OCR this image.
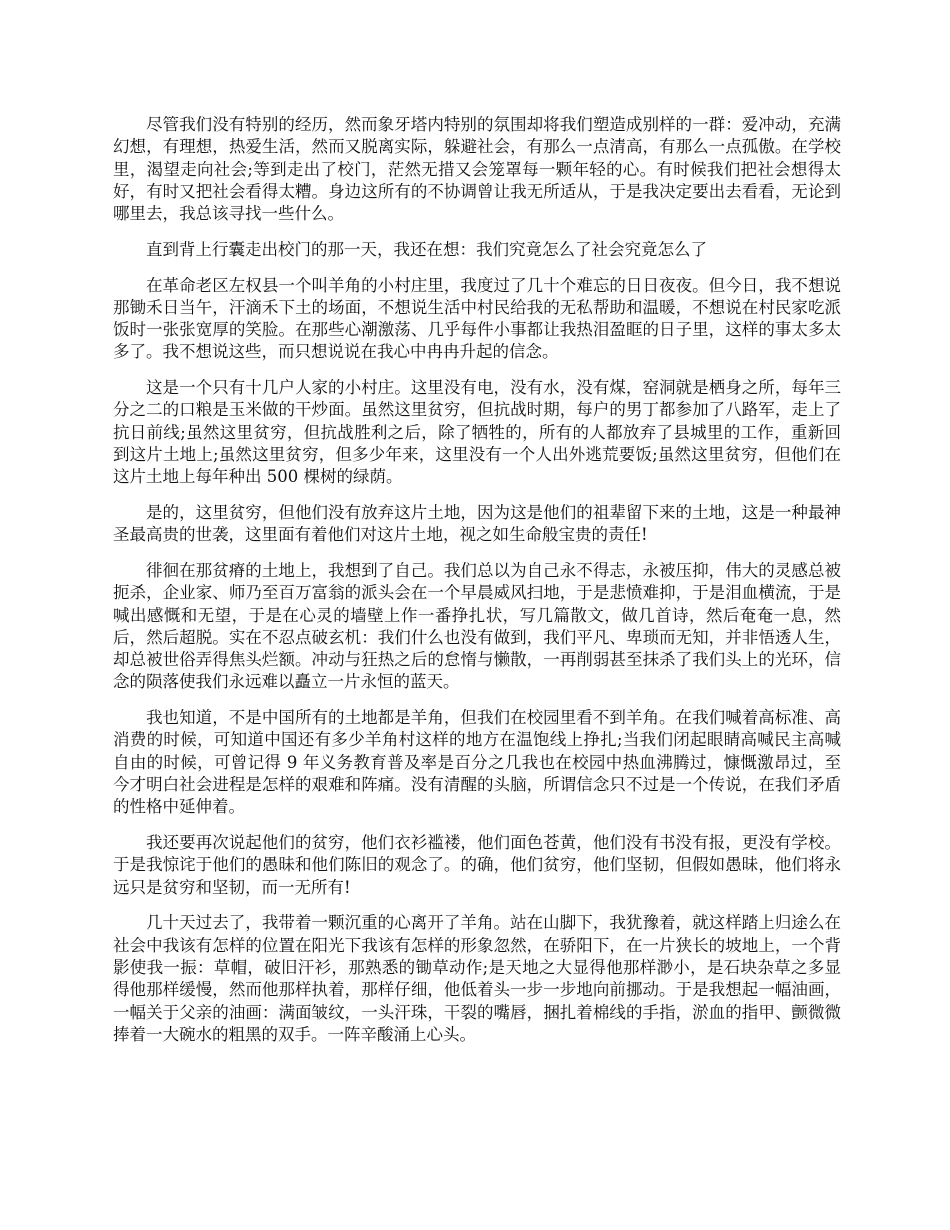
尽管我们没有特别的经历，然而象牙塔内特别的氛围却将我们塑造成别样的一群：爱冲动，充满幻想，有理想，热爱生活，然而又脱离实际，躲避社会，有那么一点清高，有那么一点孤傲。在学校里，渴望走向社会;等到走出了校门，茫然无措又会笼罩每一颗年轻的心。有时候我们把社会想得太好，有时又把社会看得太糟。身边这所有的不协调曾让我无所适从，于是我决定要出去看看，无论到哪里去，我总该寻找一些什么。

直到背上行囊走出校门的那一天，我还在想：我们究竟怎么了社会究竟怎么了

在革命老区左权县一个叫羊角的小村庄里，我度过了几十个难忘的日日夜夜。但今日，我不想说那锄禾日当午，汗滴禾下土的场面，不想说生活中村民给我的无私帮助和温暖，不想说在村民家吃派饭时一张张宽厚的笑脸。在那些心潮激荡、几乎每件小事都让我热泪盈眶的日子里，这样的事太多太多了。我不想说这些，而只想说说在我心中冉冉升起的信念。

这是一个只有十几户人家的小村庄。这里没有电，没有水，没有煤，窑洞就是栖身之所，每年三分之二的口粮是玉米做的干炒面。虽然这里贫穷，但抗战时期，每户的男丁都参加了八路军，走上了抗日前线;虽然这里贫穷，但抗战胜利之后，除了牺牲的，所有的人都放弃了县城里的工作，重新回到这片土地上;虽然这里贫穷，但多少年来，这里没有一个人出外逃荒要饭;虽然这里贫穷，但他们在这片土地上每年种出 500 棵树的绿荫。

是的，这里贫穷，但他们没有放弃这片土地，因为这是他们的祖辈留下来的土地，这是一种最神圣最高贵的世袭，这里面有着他们对这片土地，视之如生命般宝贵的责任!

徘徊在那贫瘠的土地上，我想到了自己。我们总以为自己永不得志，永被压抑，伟大的灵感总被扼杀，企业家、师乃至百万富翁的派头会在一个早晨威风扫地，于是悲愤难抑，于是泪血横流，于是喊出感慨和无望，于是在心灵的墙壁上作一番挣扎状，写几篇散文，做几首诗，然后奄奄一息，然后，然后超脱。实在不忍点破玄机：我们什么也没有做到，我们平凡、卑琐而无知，并非悟透人生，却总被世俗弄得焦头烂额。冲动与狂热之后的怠惰与懒散，一再削弱甚至抹杀了我们头上的光环，信念的陨落使我们永远难以矗立一片永恒的蓝天。

我也知道，不是中国所有的土地都是羊角，但我们在校园里看不到羊角。在我们喊着高标准、高消费的时候，可知道中国还有多少羊角村这样的地方在温饱线上挣扎;当我们闭起眼睛高喊民主高喊自由的时候，可曾记得 9 年义务教育普及率是百分之几我也在校园中热血沸腾过，慷慨激昂过，至今才明白社会进程是怎样的艰难和阵痛。没有清醒的头脑，所谓信念只不过是一个传说，在我们矛盾的性格中延伸着。

我还要再次说起他们的贫穷，他们衣衫褴褛，他们面色苍黄，他们没有书没有报，更没有学校。于是我惊诧于他们的愚昧和他们陈旧的观念了。的确，他们贫穷，他们坚韧，但假如愚昧，他们将永远只是贫穷和坚韧，而一无所有!

几十天过去了，我带着一颗沉重的心离开了羊角。站在山脚下，我犹豫着，就这样踏上归途么在社会中我该有怎样的位置在阳光下我该有怎样的形象忽然，在骄阳下，在一片狭长的坡地上，一个背影使我一振：草帽，破旧汗衫，那熟悉的锄草动作;是天地之大显得他那样渺小，是石块杂草之多显得他那样缓慢，然而他那样执着，那样仔细，他低着头一步一步地向前挪动。于是我想起一幅油画，一幅关于父亲的油画：满面皱纹，一头汗珠，干裂的嘴唇，捆扎着棉线的手指，淤血的指甲、颤微微捧着一大碗水的粗黑的双手。一阵辛酸涌上心头。
